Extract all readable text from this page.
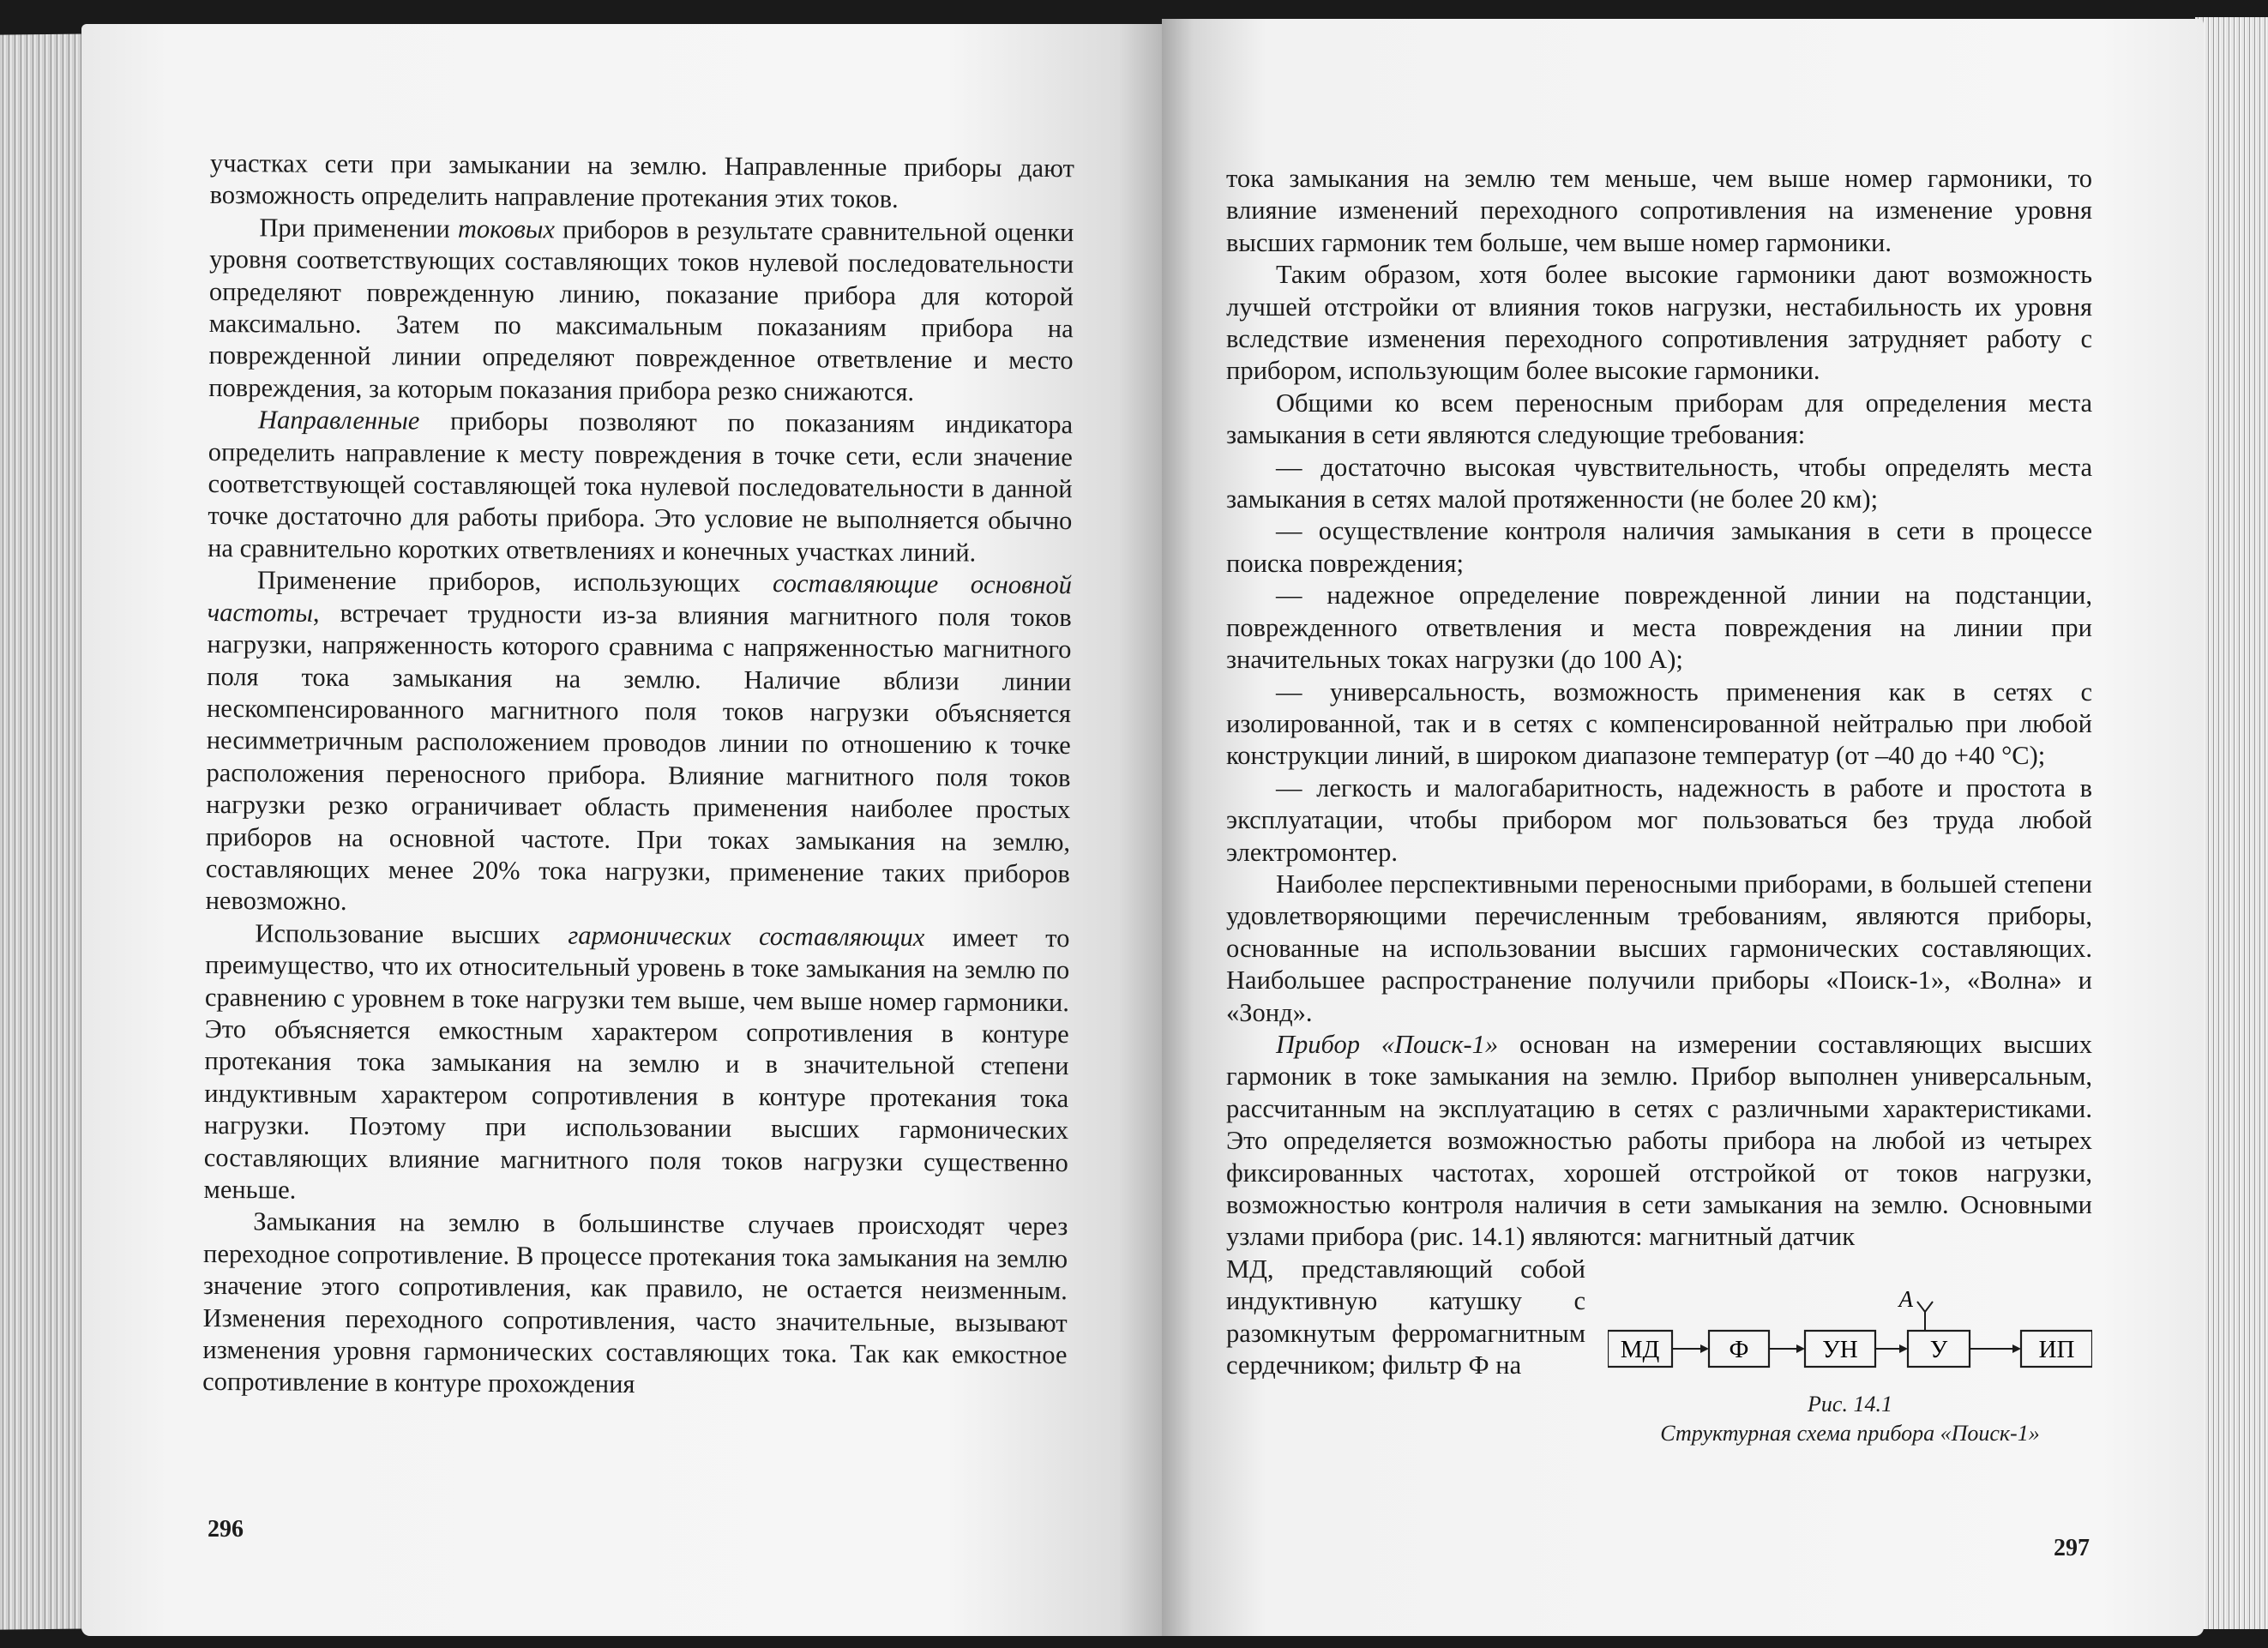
участках сети при замыкании на землю. Направленные приборы дают возможность определить направление протекания этих токов.

При применении токовых приборов в результате сравнительной оценки уровня соответствующих составляющих токов нулевой последовательности определяют поврежденную линию, показание прибора для которой максимально. Затем по максимальным показаниям прибора на поврежденной линии определяют поврежденное ответвление и место повреждения, за которым показания прибора резко снижаются.

Направленные приборы позволяют по показаниям индикатора определить направление к месту повреждения в точке сети, если значение соответствующей составляющей тока нулевой последовательности в данной точке достаточно для работы прибора. Это условие не выполняется обычно на сравнительно коротких ответвлениях и конечных участках линий.

Применение приборов, использующих составляющие основной частоты, встречает трудности из-за влияния магнитного поля токов нагрузки, напряженность которого сравнима с напряженностью магнитного поля тока замыкания на землю. Наличие вблизи линии нескомпенсированного магнитного поля токов нагрузки объясняется несимметричным расположением проводов линии по отношению к точке расположения переносного прибора. Влияние магнитного поля токов нагрузки резко ограничивает область применения наиболее простых приборов на основной частоте. При токах замыкания на землю, составляющих менее 20% тока нагрузки, применение таких приборов невозможно.

Использование высших гармонических составляющих имеет то преимущество, что их относительный уровень в токе замыкания на землю по сравнению с уровнем в токе нагрузки тем выше, чем выше номер гармоники. Это объясняется емкостным характером сопротивления в контуре протекания тока замыкания на землю и в значительной степени индуктивным характером сопротивления в контуре протекания тока нагрузки. Поэтому при использовании высших гармонических составляющих влияние магнитного поля токов нагрузки существенно меньше.

Замыкания на землю в большинстве случаев происходят через переходное сопротивление. В процессе протекания тока замыкания на землю значение этого сопротивления, как правило, не остается неизменным. Изменения переходного сопротивления, часто значительные, вызывают изменения уровня гармонических составляющих тока. Так как емкостное сопротивление в контуре прохождения

296

тока замыкания на землю тем меньше, чем выше номер гармоники, то влияние изменений переходного сопротивления на изменение уровня высших гармоник тем больше, чем выше номер гармоники.

Таким образом, хотя более высокие гармоники дают возможность лучшей отстройки от влияния токов нагрузки, нестабильность их уровня вследствие изменения переходного сопротивления затрудняет работу с прибором, использующим более высокие гармоники.

Общими ко всем переносным приборам для определения места замыкания в сети являются следующие требования:

— достаточно высокая чувствительность, чтобы определять места замыкания в сетях малой протяженности (не более 20 км);

— осуществление контроля наличия замыкания в сети в процессе поиска повреждения;

— надежное определение поврежденной линии на подстанции, поврежденного ответвления и места повреждения на линии при значительных токах нагрузки (до 100 А);

— универсальность, возможность применения как в сетях с изолированной, так и в сетях с компенсированной нейтралью при любой конструкции линий, в широком диапазоне температур (от –40 до +40 °С);

— легкость и малогабаритность, надежность в работе и простота в эксплуатации, чтобы прибором мог пользоваться без труда любой электромонтер.

Наиболее перспективными переносными приборами, в большей степени удовлетворяющими перечисленным требованиям, являются приборы, основанные на использовании высших гармонических составляющих. Наибольшее распространение получили приборы «Поиск-1», «Волна» и «Зонд».

Прибор «Поиск-1» основан на измерении составляющих высших гармоник в токе замыкания на землю. Прибор выполнен универсальным, рассчитанным на эксплуатацию в сетях с различными характеристиками. Это определяется возможностью работы прибора на любой из четырех фиксированных частотах, хорошей отстройкой от токов нагрузки, возможностью контроля наличия в сети замыкания на землю. Основными узлами прибора (рис. 14.1) являются: магнитный датчик

МД	Ф	УН	У	ИП
А
Рис. 14.1
Структурная схема прибора «Поиск-1»

МД, представляющий собой индуктивную катушку с разомкнутым ферромагнитным сердечником; фильтр Ф на

297
